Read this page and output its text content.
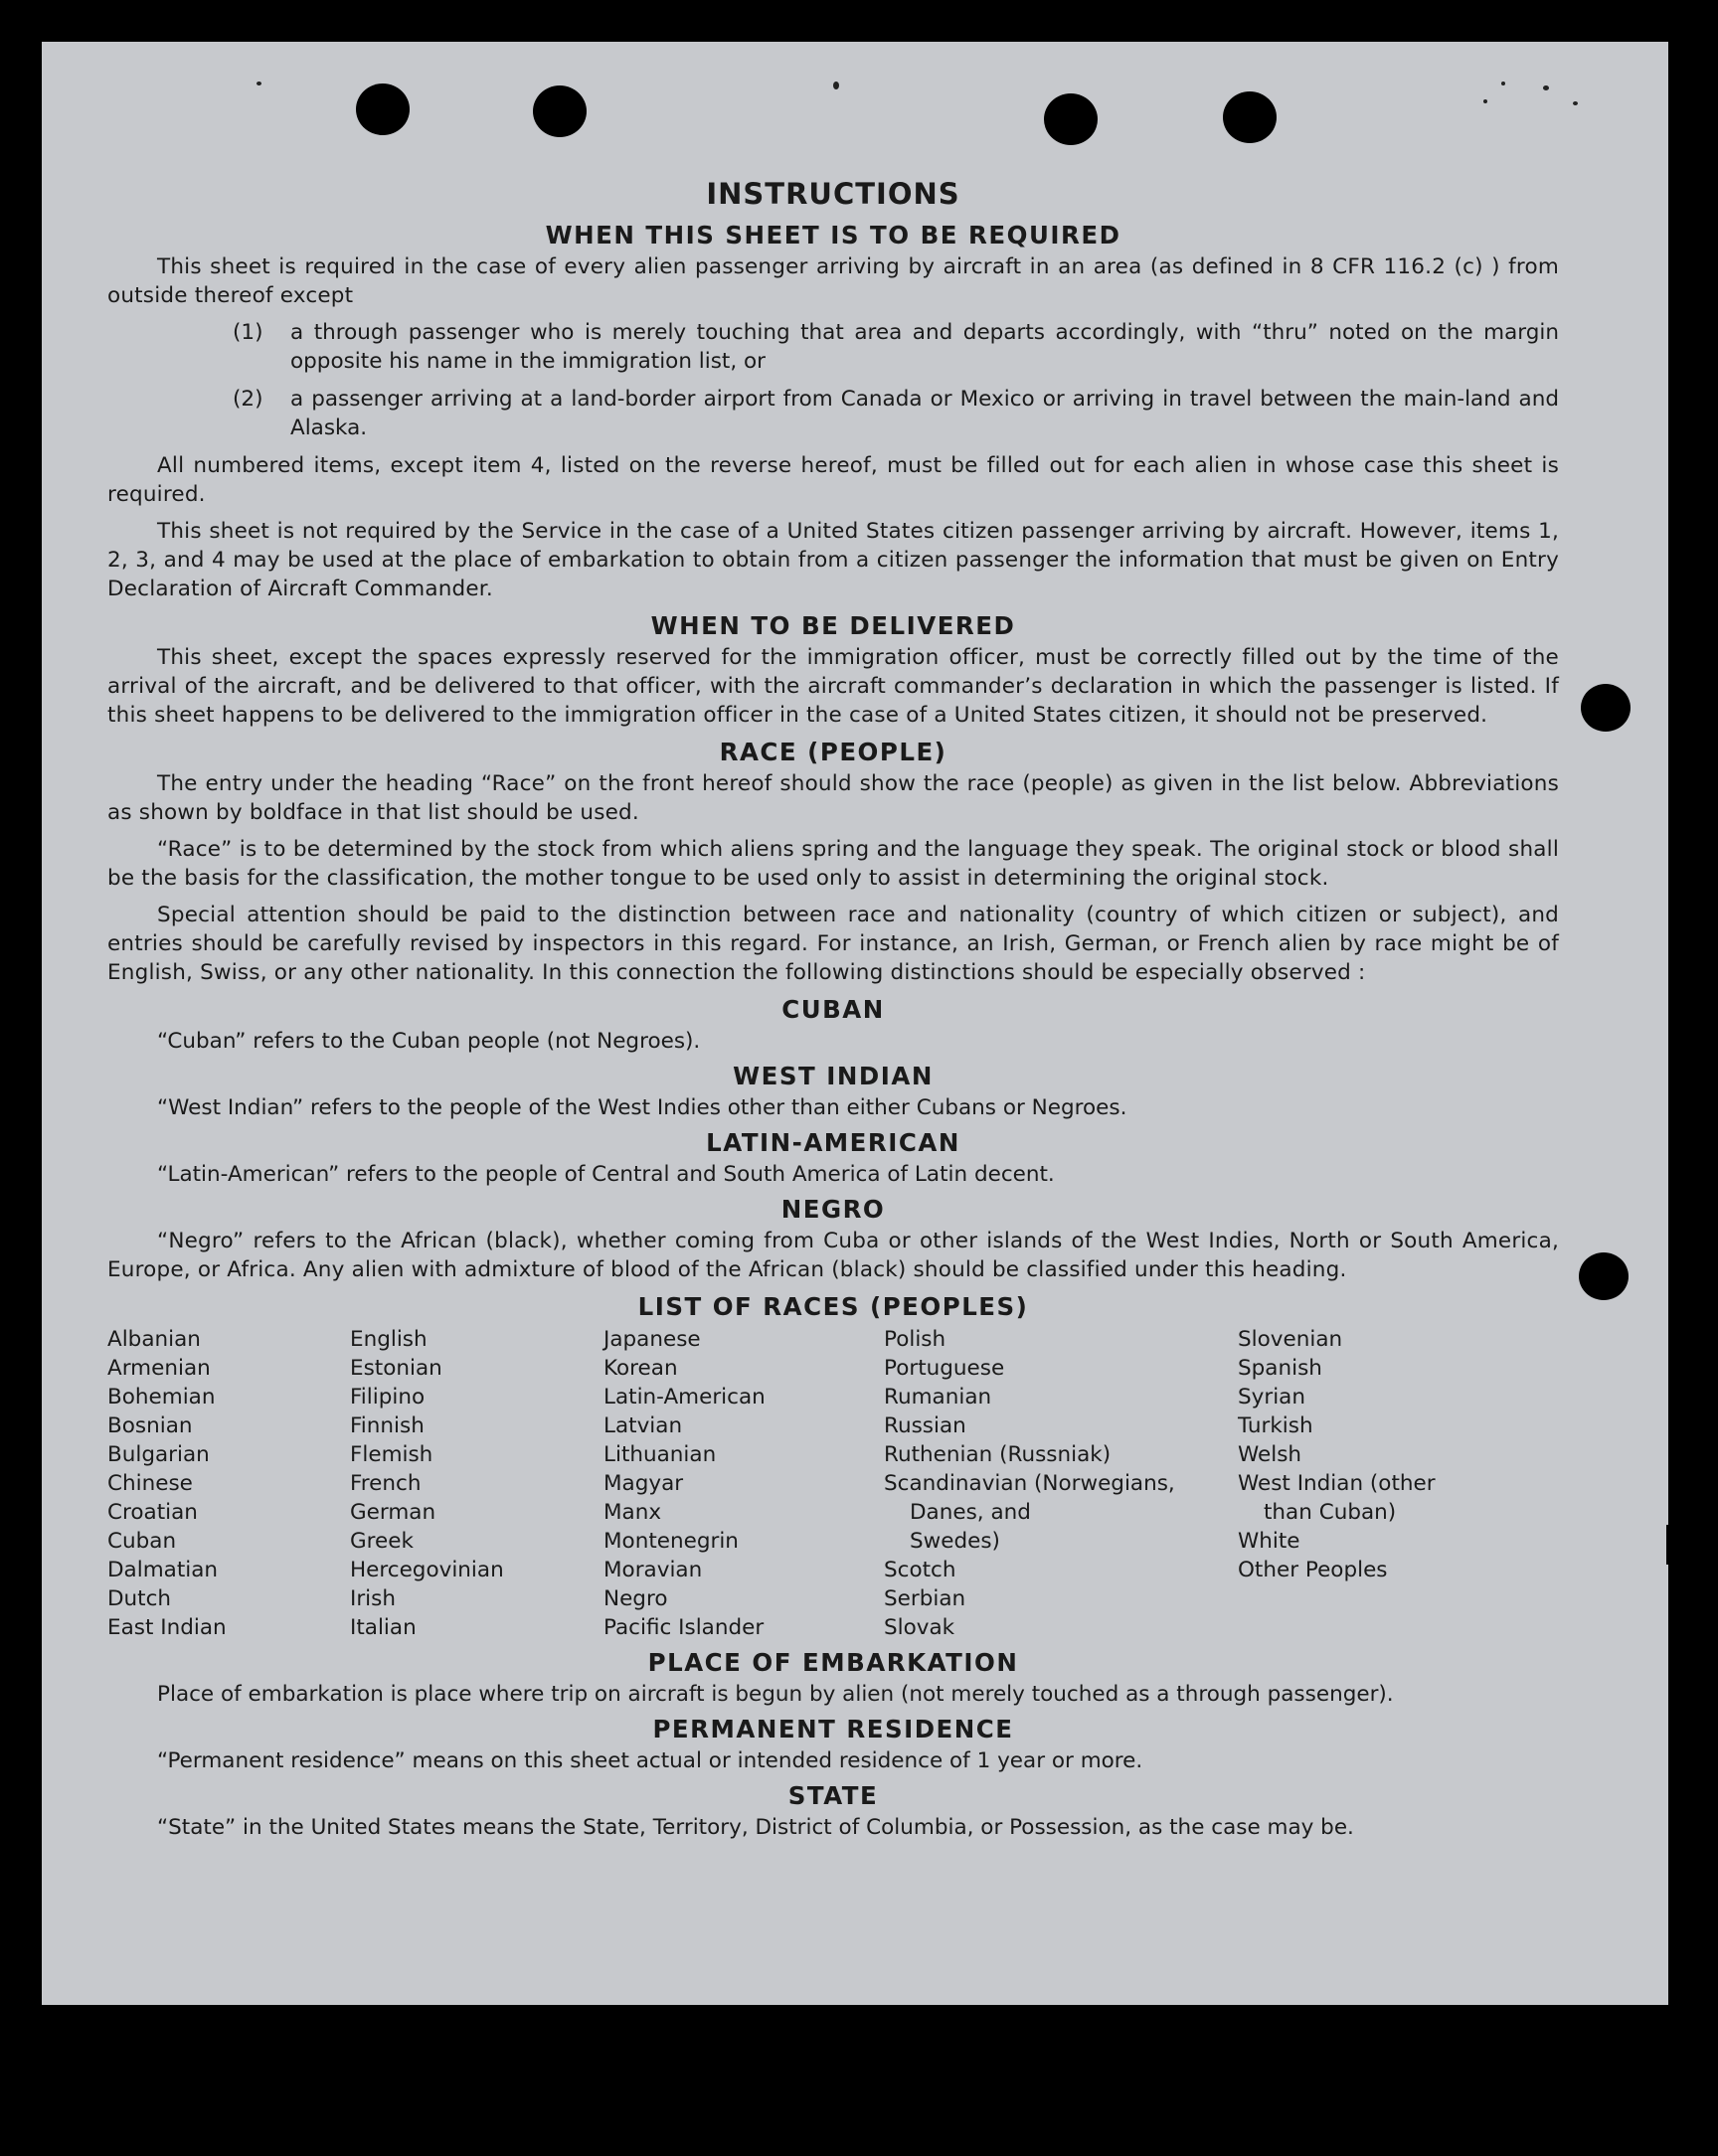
INSTRUCTIONS
WHEN THIS SHEET IS TO BE REQUIRED

This sheet is required in the case of every alien passenger arriving by aircraft in an area (as defined in 8 CFR 116.2 (c) ) from outside thereof except

(1)	a through passenger who is merely touching that area and departs accordingly, with “thru” noted on the margin opposite his name in the immigration list, or
(2)	a passenger arriving at a land-border airport from Canada or Mexico or arriving in travel between the main-land and Alaska.

All numbered items, except item 4, listed on the reverse hereof, must be filled out for each alien in whose case this sheet is required.

This sheet is not required by the Service in the case of a United States citizen passenger arriving by aircraft. However, items 1, 2, 3, and 4 may be used at the place of embarkation to obtain from a citizen passenger the information that must be given on Entry Declaration of Aircraft Commander.

WHEN TO BE DELIVERED

This sheet, except the spaces expressly reserved for the immigration officer, must be correctly filled out by the time of the arrival of the aircraft, and be delivered to that officer, with the aircraft commander’s declaration in which the passenger is listed. If this sheet happens to be delivered to the immigration officer in the case of a United States citizen, it should not be preserved.

RACE (PEOPLE)

The entry under the heading “Race” on the front hereof should show the race (people) as given in the list below. Abbreviations as shown by boldface in that list should be used.

“Race” is to be determined by the stock from which aliens spring and the language they speak. The original stock or blood shall be the basis for the classification, the mother tongue to be used only to assist in determining the original stock.

Special attention should be paid to the distinction between race and nationality (country of which citizen or subject), and entries should be carefully revised by inspectors in this regard. For instance, an Irish, German, or French alien by race might be of English, Swiss, or any other nationality. In this connection the following distinctions should be especially observed :

CUBAN
“Cuban” refers to the Cuban people (not Negroes).
WEST INDIAN
“West Indian” refers to the people of the West Indies other than either Cubans or Negroes.
LATIN-AMERICAN
“Latin-American” refers to the people of Central and South America of Latin decent.
NEGRO

“Negro” refers to the African (black), whether coming from Cuba or other islands of the West Indies, North or South America, Europe, or Africa. Any alien with admixture of blood of the African (black) should be classified under this heading.

LIST OF RACES (PEOPLES)
Albanian
Armenian
Bohemian
Bosnian
Bulgarian
Chinese
Croatian
Cuban
Dalmatian
Dutch
East Indian
English
Estonian
Filipino
Finnish
Flemish
French
German
Greek
Hercegovinian
Irish
Italian
Japanese
Korean
Latin-American
Latvian
Lithuanian
Magyar
Manx
Montenegrin
Moravian
Negro
Pacific Islander
Polish
Portuguese
Rumanian
Russian
Ruthenian (Russniak)
Scandinavian (Norwegians,
Danes, and
Swedes)
Scotch
Serbian
Slovak
Slovenian
Spanish
Syrian
Turkish
Welsh
West Indian (other
than Cuban)
White
Other Peoples
PLACE OF EMBARKATION
Place of embarkation is place where trip on aircraft is begun by alien (not merely touched as a through passenger).
PERMANENT RESIDENCE
“Permanent residence” means on this sheet actual or intended residence of 1 year or more.
STATE
“State” in the United States means the State, Territory, District of Columbia, or Possession, as the case may be.
